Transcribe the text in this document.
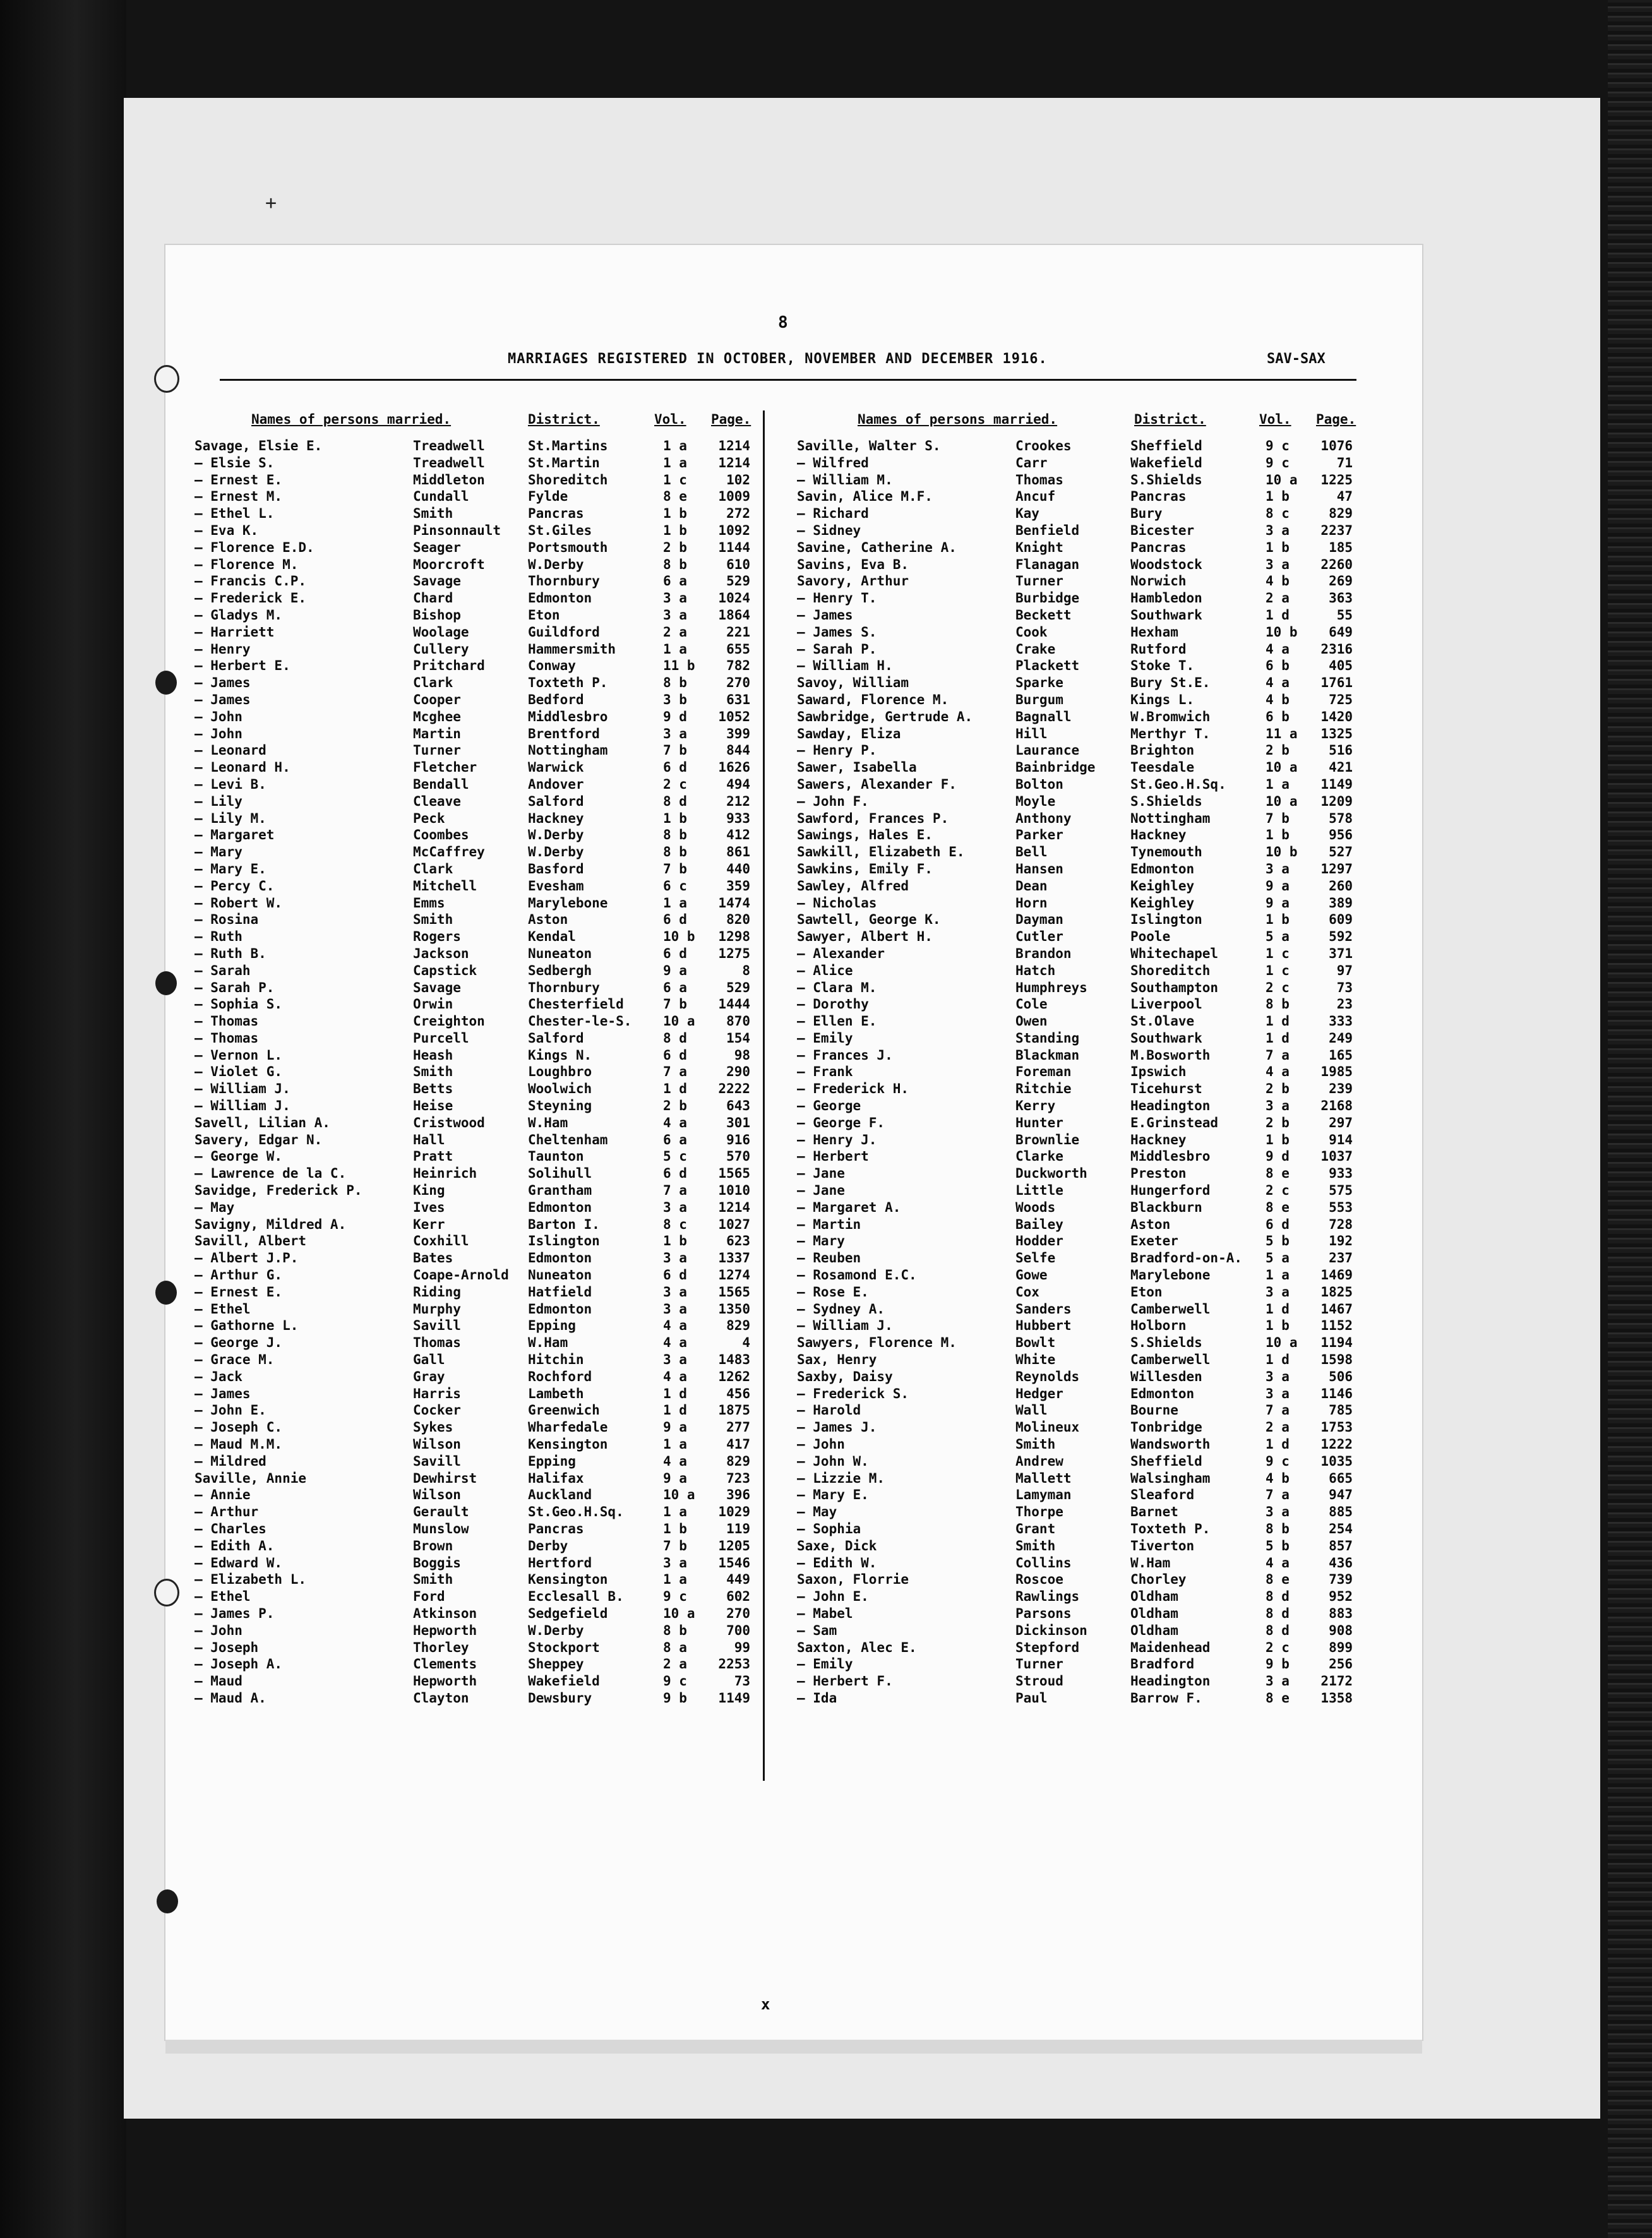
+
8
MARRIAGES REGISTERED IN OCTOBER, NOVEMBER AND DECEMBER 1916.	SAV-SAX
Names of persons married.	District.	Vol. Page.
Savage, Elsie E.	Treadwell	St.Martins	1 a	1214
— Elsie S.	Treadwell	St.Martin	1 a	1214
— Ernest E.	Middleton	Shoreditch	1 c	102
— Ernest M.	Cundall	Fylde	8 e	1009
— Ethel L.	Smith	Pancras	1 b	272
— Eva K.	Pinsonnault St.Giles	1 b	1092
— Florence E.D.	Seager	Portsmouth	2 b	1144
— Florence M.	Moorcroft	W.Derby	8 b	610
— Francis C.P.	Savage	Thornbury	6 a	529
— Frederick E.	Chard	Edmonton	3 a	1024
— Gladys M.	Bishop	Eton	3 a	1864
— Harriett	Woolage	Guildford	2 a	221
— Henry	Cullery	Hammersmith	1 a	655
— Herbert E.	Pritchard	Conway	11 b	782
— James	Clark	Toxteth P.	8 b	270
— James	Cooper	Bedford	3 b	631
— John	Mcghee	Middlesbro	9 d	1052
— John	Martin	Brentford	3 a	399
— Leonard	Turner	Nottingham	7 b	844
— Leonard H.	Fletcher	Warwick	6 d	1626
— Levi B.	Bendall	Andover	2 c	494
— Lily	Cleave	Salford	8 d	212
— Lily M.	Peck	Hackney	1 b	933
— Margaret	Coombes	W.Derby	8 b	412
— Mary	McCaffrey	W.Derby	8 b	861
— Mary E.	Clark	Basford	7 b	440
— Percy C.	Mitchell	Evesham	6 c	359
— Robert W.	Emms	Marylebone	1 a	1474
— Rosina	Smith	Aston	6 d	820
— Ruth	Rogers	Kendal	10 b	1298
— Ruth B.	Jackson	Nuneaton	6 d	1275
— Sarah	Capstick	Sedbergh	9 a	8
— Sarah P.	Savage	Thornbury	6 a	529
— Sophia S.	Orwin	Chesterfield	7 b	1444
— Thomas	Creighton	Chester-le-S. 10 a	870
— Thomas	Purcell	Salford	8 d	154
— Vernon L.	Heash	Kings N.	6 d	98
— Violet G.	Smith	Loughbro	7 a	290
— William J.	Betts	Woolwich	1 d	2222
— William J.	Heise	Steyning	2 b	643
Savell, Lilian A.	Cristwood	W.Ham	4 a	301
Savery, Edgar N.	Hall	Cheltenham	6 a	916
— George W.	Pratt	Taunton	5 c	570
— Lawrence de la C.	Heinrich	Solihull	6 d	1565
Savidge, Frederick P.	King	Grantham	7 a	1010
— May	Ives	Edmonton	3 a	1214
Savigny, Mildred A.	Kerr	Barton I.	8 c	1027
Savill, Albert	Coxhill	Islington	1 b	623
— Albert J.P.	Bates	Edmonton	3 a	1337
— Arthur G.	Coape-Arnold Nuneaton	6 d	1274
— Ernest E.	Riding	Hatfield	3 a	1565
— Ethel	Murphy	Edmonton	3 a	1350
— Gathorne L.	Savill	Epping	4 a	829
— George J.	Thomas	W.Ham	4 a	4
— Grace M.	Gall	Hitchin	3 a	1483
— Jack	Gray	Rochford	4 a	1262
— James	Harris	Lambeth	1 d	456
— John E.	Cocker	Greenwich	1 d	1875
— Joseph C.	Sykes	Wharfedale	9 a	277
— Maud M.M.	Wilson	Kensington	1 a	417
— Mildred	Savill	Epping	4 a	829
Saville, Annie	Dewhirst	Halifax	9 a	723
— Annie	Wilson	Auckland	10 a	396
— Arthur	Gerault	St.Geo.H.Sq.	1 a	1029
— Charles	Munslow	Pancras	1 b	119
— Edith A.	Brown	Derby	7 b	1205
— Edward W.	Boggis	Hertford	3 a	1546
— Elizabeth L.	Smith	Kensington	1 a	449
— Ethel	Ford	Ecclesall B.	9 c	602
— James P.	Atkinson	Sedgefield	10 a	270
— John	Hepworth	W.Derby	8 b	700
— Joseph	Thorley	Stockport	8 a	99
— Joseph A.	Clements	Sheppey	2 a	2253
— Maud	Hepworth	Wakefield	9 c	73
— Maud A.	Clayton	Dewsbury	9 b	1149
Names of persons married.	District.	Vol. Page.
Saville, Walter S.	Crookes	Sheffield	9 c	1076
— Wilfred	Carr	Wakefield	9 c	71
— William M.	Thomas	S.Shields	10 a	1225
Savin, Alice M.F.	Ancuf	Pancras	1 b	47
— Richard	Kay	Bury	8 c	829
— Sidney	Benfield	Bicester	3 a	2237
Savine, Catherine A.	Knight	Pancras	1 b	185
Savins, Eva B.	Flanagan	Woodstock	3 a	2260
Savory, Arthur	Turner	Norwich	4 b	269
— Henry T.	Burbidge	Hambledon	2 a	363
— James	Beckett	Southwark	1 d	55
— James S.	Cook	Hexham	10 b	649
— Sarah P.	Crake	Rutford	4 a	2316
— William H.	Plackett	Stoke T.	6 b	405
Savoy, William	Sparke	Bury St.E.	4 a	1761
Saward, Florence M.	Burgum	Kings L.	4 b	725
Sawbridge, Gertrude A.	Bagnall	W.Bromwich	6 b	1420
Sawday, Eliza	Hill	Merthyr T.	11 a	1325
— Henry P.	Laurance	Brighton	2 b	516
Sawer, Isabella	Bainbridge	Teesdale	10 a	421
Sawers, Alexander F.	Bolton	St.Geo.H.Sq.	1 a	1149
— John F.	Moyle	S.Shields	10 a	1209
Sawford, Frances P.	Anthony	Nottingham	7 b	578
Sawings, Hales E.	Parker	Hackney	1 b	956
Sawkill, Elizabeth E.	Bell	Tynemouth	10 b	527
Sawkins, Emily F.	Hansen	Edmonton	3 a	1297
Sawley, Alfred	Dean	Keighley	9 a	260
— Nicholas	Horn	Keighley	9 a	389
Sawtell, George K.	Dayman	Islington	1 b	609
Sawyer, Albert H.	Cutler	Poole	5 a	592
— Alexander	Brandon	Whitechapel	1 c	371
— Alice	Hatch	Shoreditch	1 c	97
— Clara M.	Humphreys	Southampton	2 c	73
— Dorothy	Cole	Liverpool	8 b	23
— Ellen E.	Owen	St.Olave	1 d	333
— Emily	Standing	Southwark	1 d	249
— Frances J.	Blackman	M.Bosworth	7 a	165
— Frank	Foreman	Ipswich	4 a	1985
— Frederick H.	Ritchie	Ticehurst	2 b	239
— George	Kerry	Headington	3 a	2168
— George F.	Hunter	E.Grinstead	2 b	297
— Henry J.	Brownlie	Hackney	1 b	914
— Herbert	Clarke	Middlesbro	9 d	1037
— Jane	Duckworth	Preston	8 e	933
— Jane	Little	Hungerford	2 c	575
— Margaret A.	Woods	Blackburn	8 e	553
— Martin	Bailey	Aston	6 d	728
— Mary	Hodder	Exeter	5 b	192
— Reuben	Selfe	Bradford-on-A. 5 a	237
— Rosamond E.C.	Gowe	Marylebone	1 a	1469
— Rose E.	Cox	Eton	3 a	1825
— Sydney A.	Sanders	Camberwell	1 d	1467
— William J.	Hubbert	Holborn	1 b	1152
Sawyers, Florence M.	Bowlt	S.Shields	10 a	1194
Sax, Henry	White	Camberwell	1 d	1598
Saxby, Daisy	Reynolds	Willesden	3 a	506
— Frederick S.	Hedger	Edmonton	3 a	1146
— Harold	Wall	Bourne	7 a	785
— James J.	Molineux	Tonbridge	2 a	1753
— John	Smith	Wandsworth	1 d	1222
— John W.	Andrew	Sheffield	9 c	1035
— Lizzie M.	Mallett	Walsingham	4 b	665
— Mary E.	Lamyman	Sleaford	7 a	947
— May	Thorpe	Barnet	3 a	885
— Sophia	Grant	Toxteth P.	8 b	254
Saxe, Dick	Smith	Tiverton	5 b	857
— Edith W.	Collins	W.Ham	4 a	436
Saxon, Florrie	Roscoe	Chorley	8 e	739
— John E.	Rawlings	Oldham	8 d	952
— Mabel	Parsons	Oldham	8 d	883
— Sam	Dickinson	Oldham	8 d	908
Saxton, Alec E.	Stepford	Maidenhead	2 c	899
— Emily	Turner	Bradford	9 b	256
— Herbert F.	Stroud	Headington	3 a	2172
— Ida	Paul	Barrow F.	8 e	1358
x
